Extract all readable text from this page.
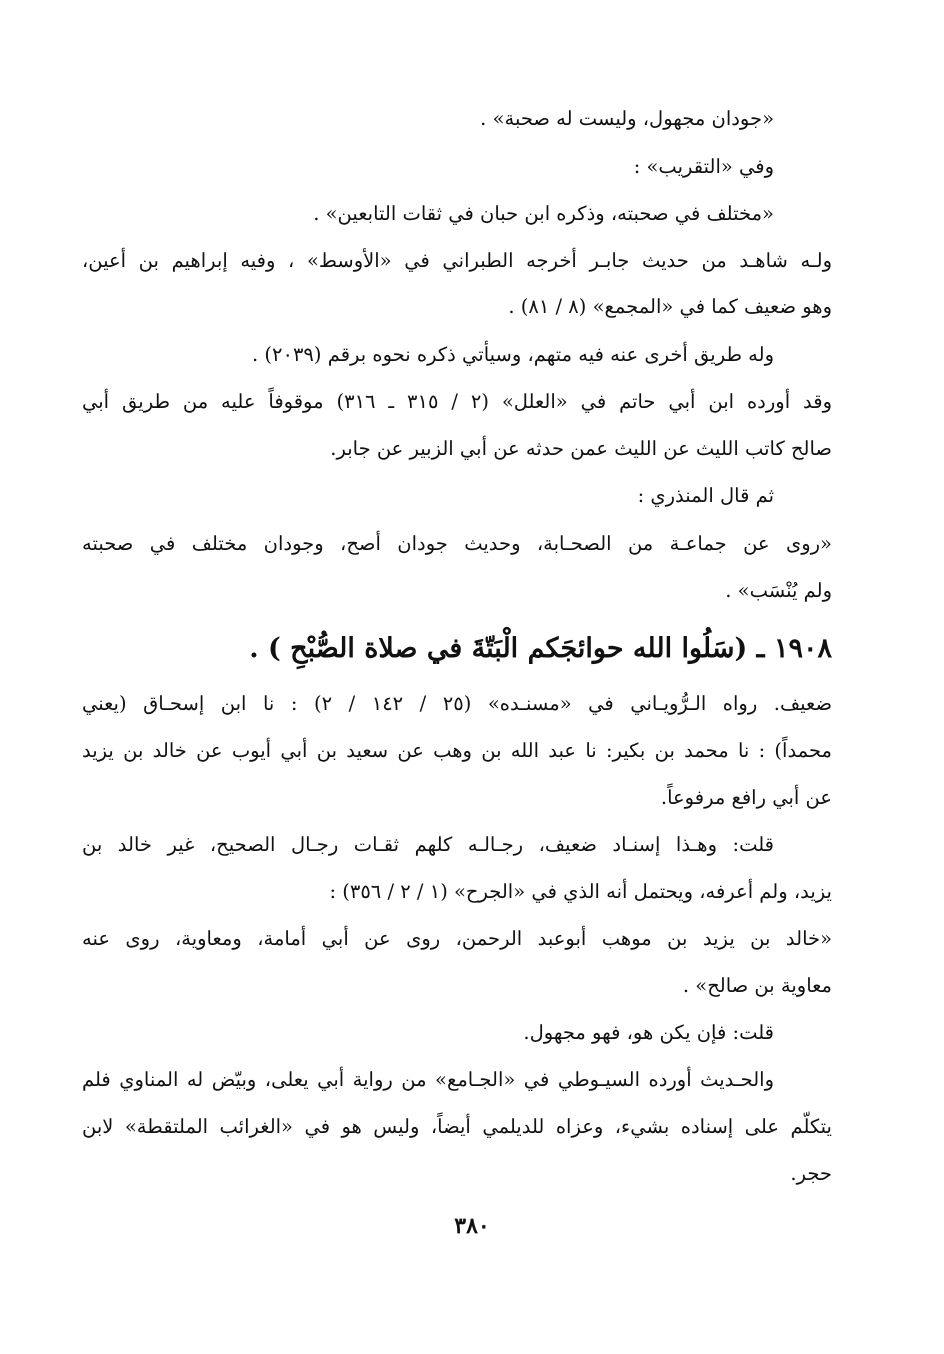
«جودان مجهول، وليست له صحبة» .
وفي «التقريب» :
«مختلف في صحبته، وذكره ابن حبان في ثقات التابعين» .
ولـه شاهـد من حديث جابـر أخرجه الطبراني في «الأوسط» ، وفيه إبراهيم بن أعين،
وهو ضعيف كما في «المجمع» (٨ / ٨١) .
وله طريق أخرى عنه فيه متهم، وسيأتي ذكره نحوه برقم (٢٠٣٩) .
وقد أورده ابن أبي حاتم في «العلل» (٢ / ٣١٥ ـ ٣١٦) موقوفاً عليه من طريق أبي
صالح كاتب الليث عن الليث عمن حدثه عن أبي الزبير عن جابر.
ثم قال المنذري :
«روى عن جماعـة من الصحـابة، وحديث جودان أصح، وجودان مختلف في صحبته
ولم يُنْسَب» .
١٩٠٨ ـ (سَلُوا الله حوائجَكم الْبَتّةَ في صلاة الصُّبْحِ ) .
ضعيف. رواه الـرُّويـاني في «مسنـده» (٢٥ / ١٤٢ / ٢) : نا ابن إسحـاق (يعني
محمداً) : نا محمد بن بكير: نا عبد الله بن وهب عن سعيد بن أبي أيوب عن خالد بن يزيد
عن أبي رافع مرفوعاً.
قلت: وهـذا إسنـاد ضعيف، رجـالـه كلهم ثقـات رجـال الصحيح، غير خالد بن
يزيد، ولم أعرفه، ويحتمل أنه الذي في «الجرح» (١ / ٢ / ٣٥٦) :
«خالد بن يزيد بن موهب أبوعبد الرحمن، روى عن أبي أمامة، ومعاوية، روى عنه
معاوية بن صالح» .
قلت: فإن يكن هو، فهو مجهول.
والحـديث أورده السيـوطي في «الجـامع» من رواية أبي يعلى، وبيّض له المناوي فلم
يتكلّم على إسناده بشيء، وعزاه للديلمي أيضاً، وليس هو في «الغرائب الملتقطة» لابن
حجر.
٣٨٠
